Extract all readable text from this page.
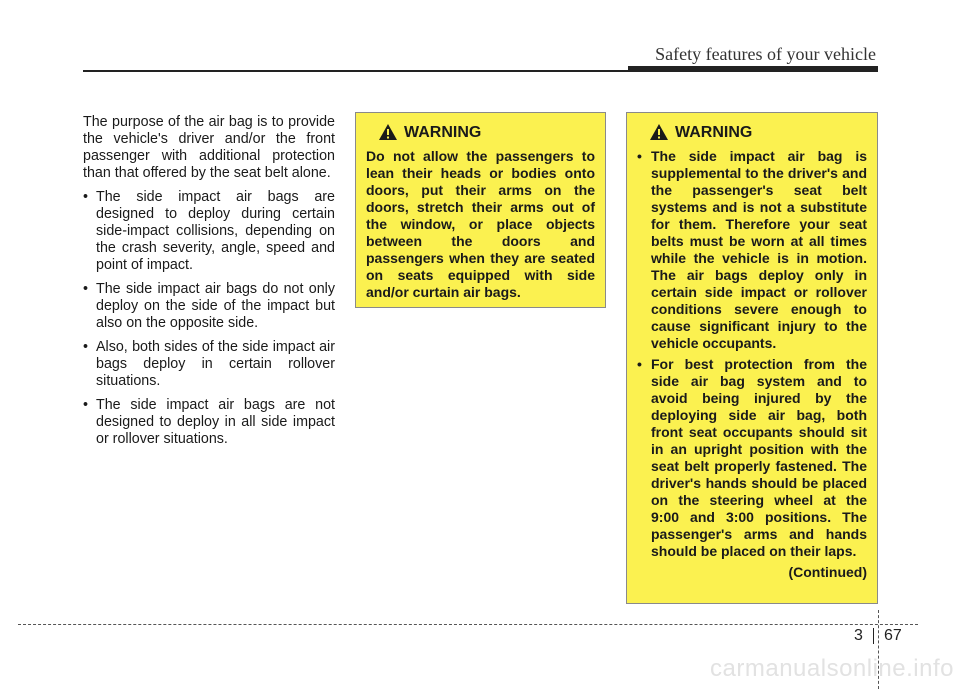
Safety features of your vehicle

The purpose of the air bag is to provide the vehicle's driver and/or the front passenger with additional protection than that offered by the seat belt alone.

• The side impact air bags are designed to deploy during certain side-impact collisions, depending on the crash severity, angle, speed and point of impact.
• The side impact air bags do not only deploy on the side of the impact but also on the opposite side.
• Also, both sides of the side impact air bags deploy in certain rollover situations.
• The side impact air bags are not designed to deploy in all side impact or rollover situations.
WARNING

Do not allow the passengers to lean their heads or bodies onto doors, put their arms on the doors, stretch their arms out of the window, or place objects between the doors and passengers when they are seated on seats equipped with side and/or curtain air bags.

WARNING
• The side impact air bag is supplemental to the driver's and the passenger's seat belt systems and is not a substitute for them. Therefore your seat belts must be worn at all times while the vehicle is in motion. The air bags deploy only in certain side impact or rollover conditions severe enough to cause significant injury to the vehicle occupants.
• For best protection from the side air bag system and to avoid being injured by the deploying side air bag, both front seat occupants should sit in an upright position with the seat belt properly fastened. The driver's hands should be placed on the steering wheel at the 9:00 and 3:00 positions. The passenger's arms and hands should be placed on their laps.
(Continued)
3 67
carmanualsonline.info
